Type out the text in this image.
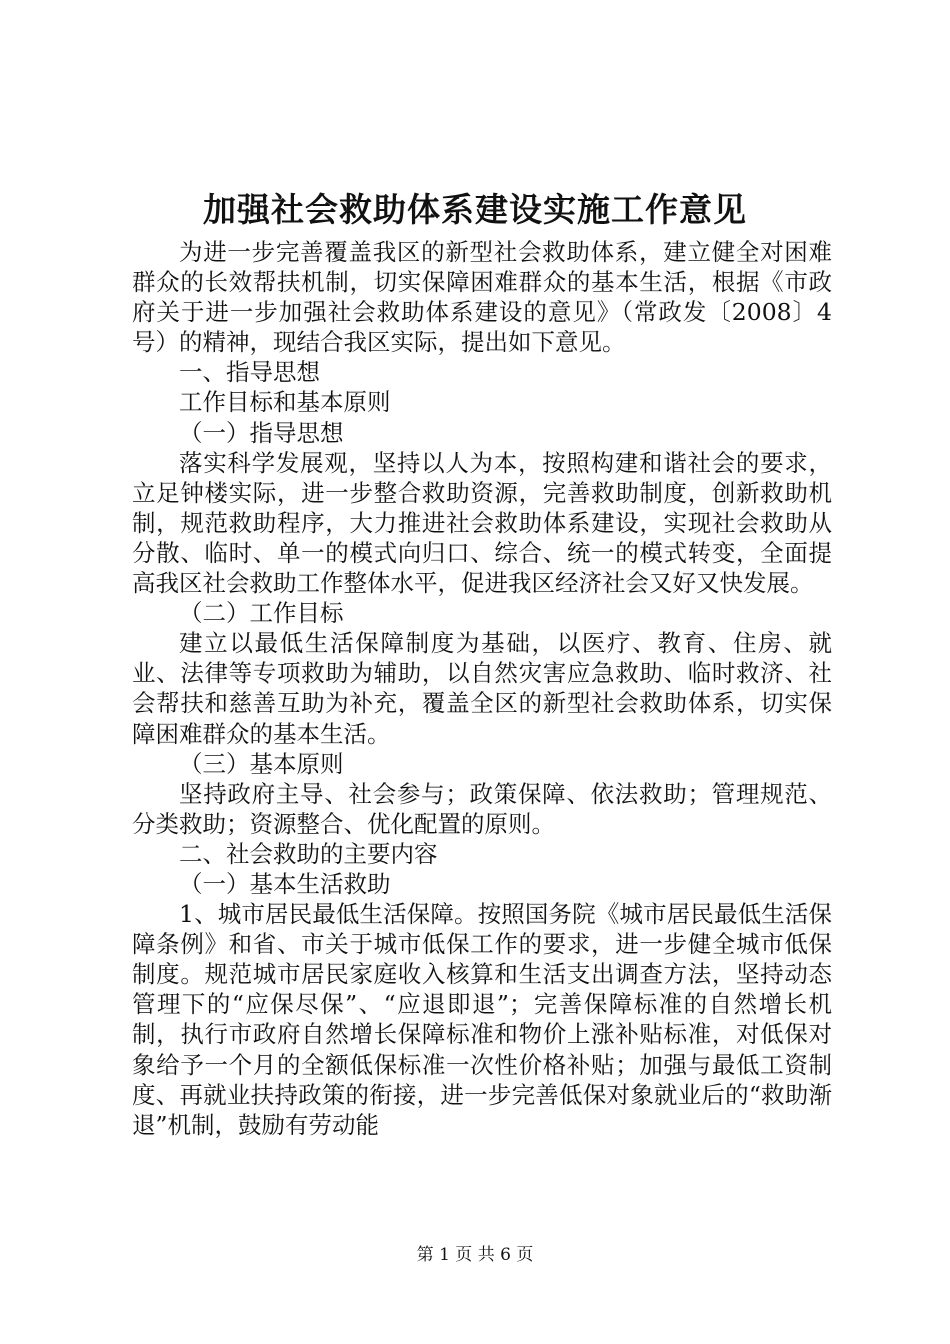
加强社会救助体系建设实施工作意见

为进一步完善覆盖我区的新型社会救助体系，建立健全对困难群众的长效帮扶机制，切实保障困难群众的基本生活，根据《市政府关于进一步加强社会救助体系建设的意见》（常政发〔2008〕4号）的精神，现结合我区实际，提出如下意见。

一、指导思想

工作目标和基本原则

（一）指导思想

落实科学发展观，坚持以人为本，按照构建和谐社会的要求，立足钟楼实际，进一步整合救助资源，完善救助制度，创新救助机制，规范救助程序，大力推进社会救助体系建设，实现社会救助从分散、临时、单一的模式向归口、综合、统一的模式转变，全面提高我区社会救助工作整体水平，促进我区经济社会又好又快发展。

（二）工作目标

建立以最低生活保障制度为基础，以医疗、教育、住房、就业、法律等专项救助为辅助，以自然灾害应急救助、临时救济、社会帮扶和慈善互助为补充，覆盖全区的新型社会救助体系，切实保障困难群众的基本生活。

（三）基本原则

坚持政府主导、社会参与；政策保障、依法救助；管理规范、分类救助；资源整合、优化配置的原则。

二、社会救助的主要内容

（一）基本生活救助

1、城市居民最低生活保障。按照国务院《城市居民最低生活保障条例》和省、市关于城市低保工作的要求，进一步健全城市低保制度。规范城市居民家庭收入核算和生活支出调查方法，坚持动态管理下的“应保尽保”、“应退即退”；完善保障标准的自然增长机制，执行市政府自然增长保障标准和物价上涨补贴标准，对低保对象给予一个月的全额低保标准一次性价格补贴；加强与最低工资制度、再就业扶持政策的衔接，进一步完善低保对象就业后的“救助渐退”机制，鼓励有劳动能

第 1 页 共 6 页
